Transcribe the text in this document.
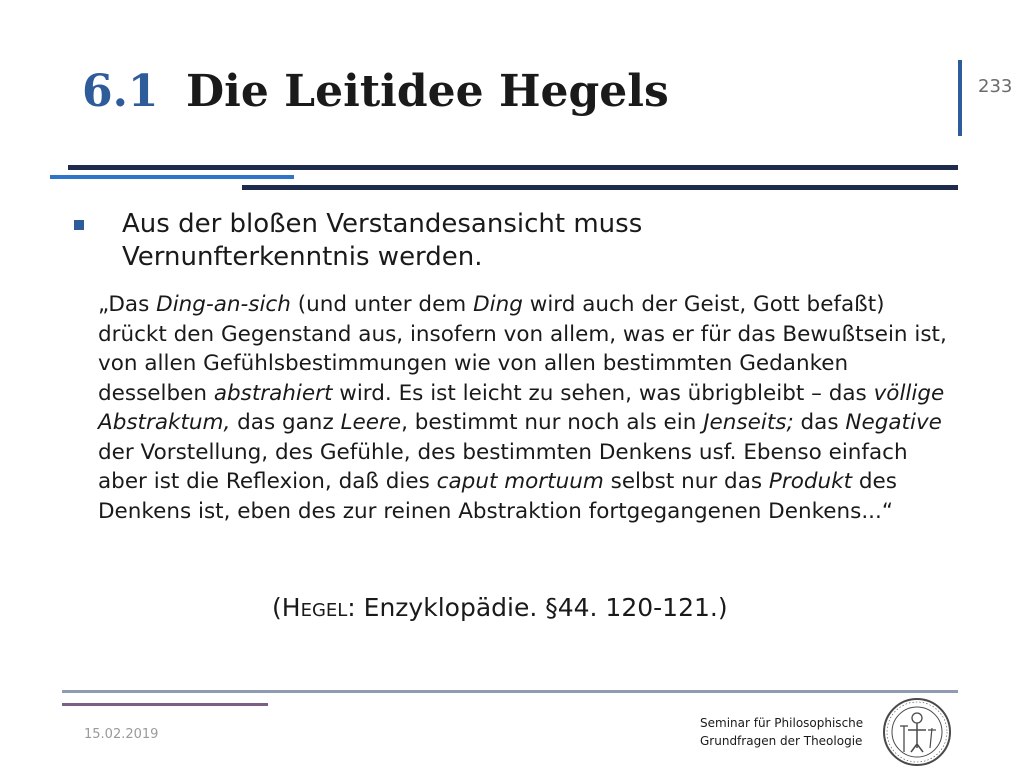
6.1 Die Leitidee Hegels	233
Aus der bloßen Verstandesansicht muss
Vernunfterkenntnis werden.
„Das Ding-an-sich (und unter dem Ding wird auch der Geist, Gott befaßt) drückt den Gegenstand aus, insofern von allem, was er für das Bewußtsein ist, von allen Gefühlsbestimmungen wie von allen bestimmten Gedanken desselben abstrahiert wird. Es ist leicht zu sehen, was übrigbleibt – das völlige Abstraktum, das ganz Leere, bestimmt nur noch als ein Jenseits; das Negative der Vorstellung, des Gefühle, des bestimmten Denkens usf. Ebenso einfach aber ist die Reflexion, daß dies caput mortuum selbst nur das Produkt des Denkens ist, eben des zur reinen Abstraktion fortgegangenen Denkens...“
(Hegel: Enzyklopädie. §44. 120-121.)
15.02.2019
Seminar für Philosophische
Grundfragen der Theologie
